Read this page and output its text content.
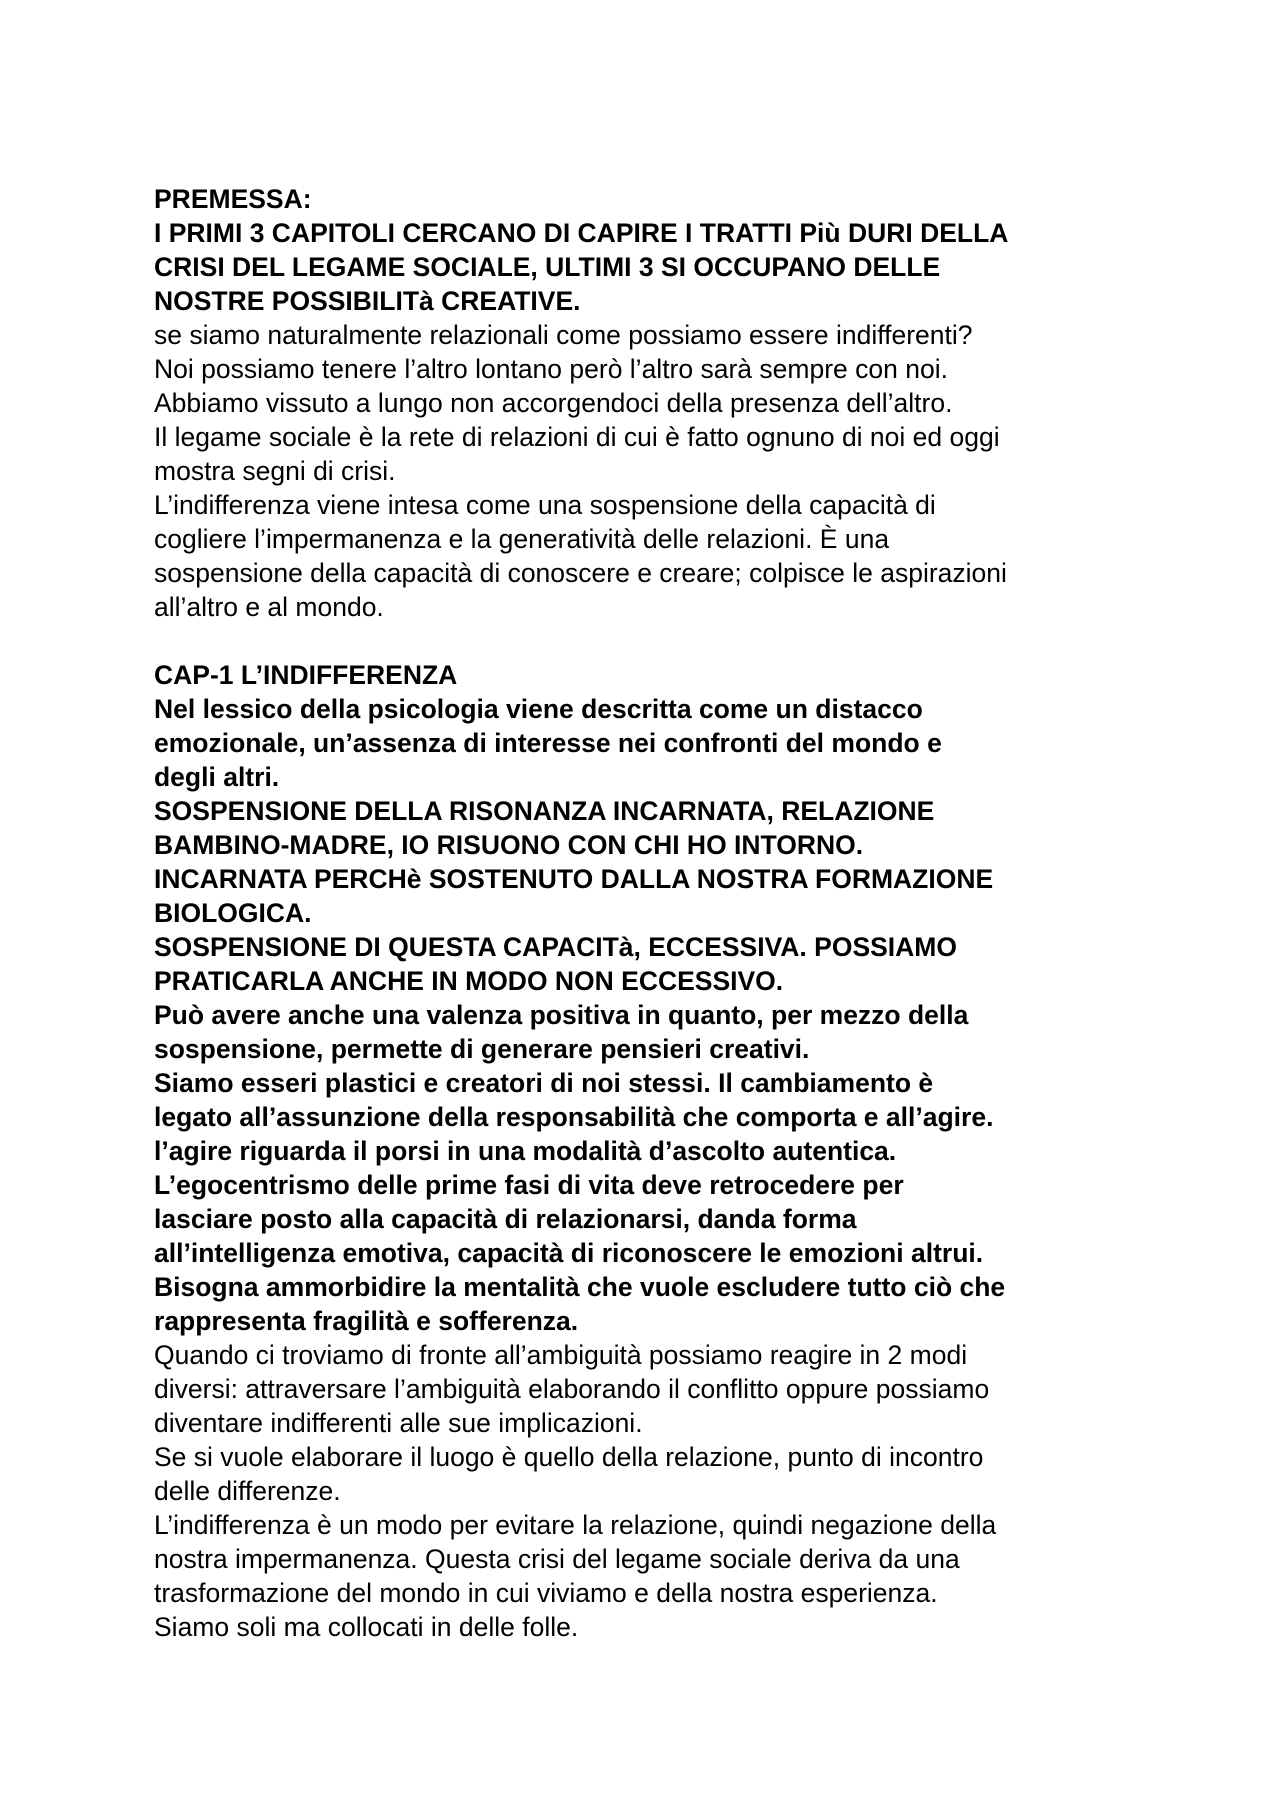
PREMESSA:
I PRIMI 3 CAPITOLI CERCANO DI CAPIRE I TRATTI Più DURI DELLA
CRISI DEL LEGAME SOCIALE, ULTIMI 3 SI OCCUPANO DELLE
NOSTRE POSSIBILITà CREATIVE.
se siamo naturalmente relazionali come possiamo essere indifferenti?
Noi possiamo tenere l’altro lontano però l’altro sarà sempre con noi.
Abbiamo vissuto a lungo non accorgendoci della presenza dell’altro.
Il legame sociale è la rete di relazioni di cui è fatto ognuno di noi ed oggi
mostra segni di crisi.
L’indifferenza viene intesa come una sospensione della capacità di
cogliere l’impermanenza e la generatività delle relazioni. È una
sospensione della capacità di conoscere e creare; colpisce le aspirazioni
all’altro e al mondo.
CAP-1 L’INDIFFERENZA
Nel lessico della psicologia viene descritta come un distacco
emozionale, un’assenza di interesse nei confronti del mondo e
degli altri.
SOSPENSIONE DELLA RISONANZA INCARNATA, RELAZIONE
BAMBINO-MADRE, IO RISUONO CON CHI HO INTORNO.
INCARNATA PERCHè SOSTENUTO DALLA NOSTRA FORMAZIONE
BIOLOGICA.
SOSPENSIONE DI QUESTA CAPACITà, ECCESSIVA. POSSIAMO
PRATICARLA ANCHE IN MODO NON ECCESSIVO.
Può avere anche una valenza positiva in quanto, per mezzo della
sospensione, permette di generare pensieri creativi.
Siamo esseri plastici e creatori di noi stessi. Il cambiamento è
legato all’assunzione della responsabilità che comporta e all’agire.
l’agire riguarda il porsi in una modalità d’ascolto autentica.
L’egocentrismo delle prime fasi di vita deve retrocedere per
lasciare posto alla capacità di relazionarsi, danda forma
all’intelligenza emotiva, capacità di riconoscere le emozioni altrui.
Bisogna ammorbidire la mentalità che vuole escludere tutto ciò che
rappresenta fragilità e sofferenza.
Quando ci troviamo di fronte all’ambiguità possiamo reagire in 2 modi
diversi: attraversare l’ambiguità elaborando il conflitto oppure possiamo
diventare indifferenti alle sue implicazioni.
Se si vuole elaborare il luogo è quello della relazione, punto di incontro
delle differenze.
L’indifferenza è un modo per evitare la relazione, quindi negazione della
nostra impermanenza. Questa crisi del legame sociale deriva da una
trasformazione del mondo in cui viviamo e della nostra esperienza.
Siamo soli ma collocati in delle folle.
